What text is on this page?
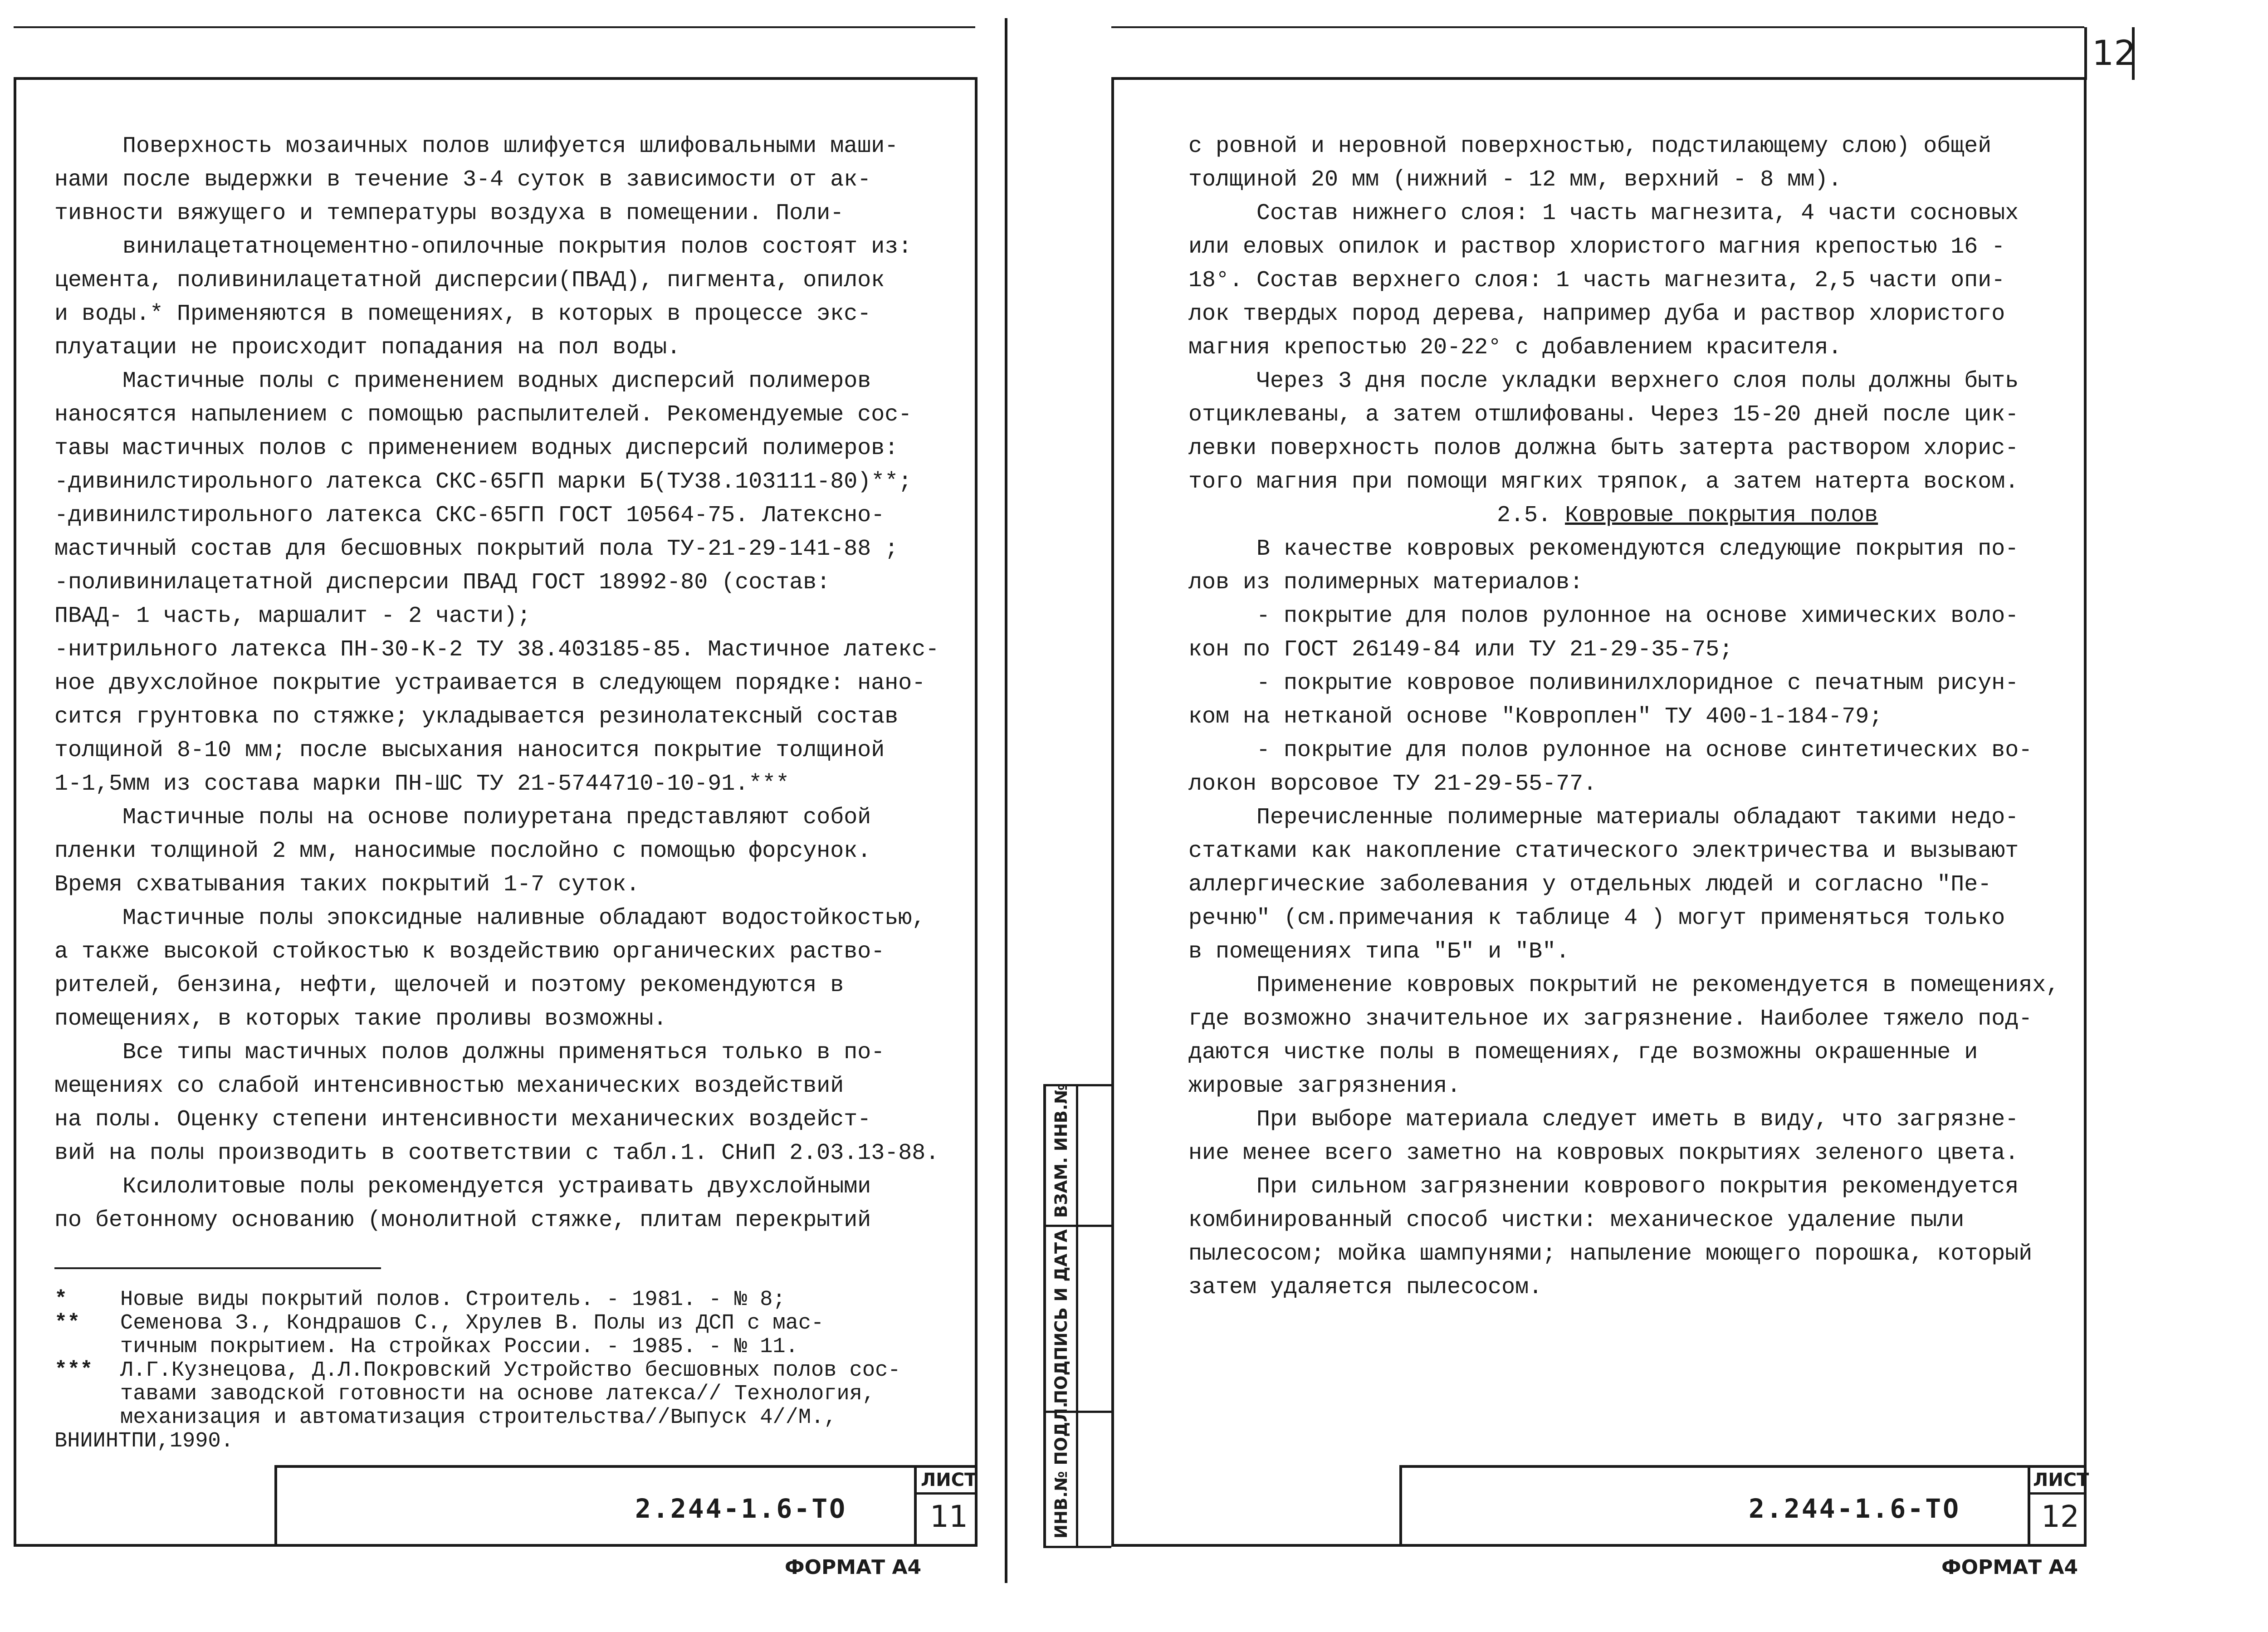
Поверхность мозаичных полов шлифуется шлифовальными маши-

нами после выдержки в течение 3-4 суток в зависимости от ак-

тивности вяжущего и температуры воздуха в помещении. Поли-

винилацетатноцементно-опилочные покрытия полов состоят из:

цемента, поливинилацетатной дисперсии(ПВАД), пигмента, опилок

и воды.* Применяются в помещениях, в которых в процессе экс-

плуатации не происходит попадания на пол воды.

Мастичные полы с применением водных дисперсий полимеров

наносятся напылением с помощью распылителей. Рекомендуемые сос-

тавы мастичных полов с применением водных дисперсий полимеров:

-дивинилстирольного латекса СКС-65ГП марки Б(ТУ38.103111-80)**;

-дивинилстирольного латекса СКС-65ГП ГОСТ 10564-75. Латексно-

мастичный состав для бесшовных покрытий пола ТУ-21-29-141-88 ;

-поливинилацетатной дисперсии ПВАД ГОСТ 18992-80 (состав:

ПВАД- 1 часть, маршалит - 2 части);

-нитрильного латекса ПН-30-К-2 ТУ 38.403185-85. Мастичное латекс-

ное двухслойное покрытие устраивается в следующем порядке: нано-

сится грунтовка по стяжке; укладывается резинолатексный состав

толщиной 8-10 мм; после высыхания наносится покрытие толщиной

1-1,5мм из состава марки ПН-ШС ТУ 21-5744710-10-91.***

Мастичные полы на основе полиуретана представляют собой

пленки толщиной 2 мм, наносимые послойно с помощью форсунок.

Время схватывания таких покрытий 1-7 суток.

Мастичные полы эпоксидные наливные обладают водостойкостью,

а также высокой стойкостью к воздействию органических раство-

рителей, бензина, нефти, щелочей и поэтому рекомендуются в

помещениях, в которых такие проливы возможны.

Все типы мастичных полов должны применяться только в по-

мещениях со слабой интенсивностью механических воздействий

на полы. Оценку степени интенсивности механических воздейст-

вий на полы производить в соответствии с табл.1. СНиП 2.03.13-88.

Ксилолитовые полы рекомендуется устраивать двухслойными

по бетонному основанию (монолитной стяжке, плитам перекрытий

* Новые виды покрытий полов. Строитель. - 1981. - № 8;

** Семенова З., Кондрашов С., Хрулев В. Полы из ДСП с мас-

тичным покрытием. На стройках России. - 1985. - № 11.

*** Л.Г.Кузнецова, Д.Л.Покровский Устройство бесшовных полов сос-

тавами заводской готовности на основе латекса// Технология,

механизация и автоматизация строительства//Выпуск 4//М.,

ВНИИНТПИ,1990.

2.244-1.6-ТО
ЛИСТ
11
ФОРМАТ А4
12

с ровной и неровной поверхностью, подстилающему слою) общей

толщиной 20 мм (нижний - 12 мм, верхний - 8 мм).

Состав нижнего слоя: 1 часть магнезита, 4 части сосновых

или еловых опилок и раствор хлористого магния крепостью 16 -

18°. Состав верхнего слоя: 1 часть магнезита, 2,5 части опи-

лок твердых пород дерева, например дуба и раствор хлористого

магния крепостью 20-22° с добавлением красителя.

Через 3 дня после укладки верхнего слоя полы должны быть

отциклеваны, а затем отшлифованы. Через 15-20 дней после цик-

левки поверхность полов должна быть затерта раствором хлорис-

того магния при помощи мягких тряпок, а затем натерта воском.

2.5. Ковровые покрытия полов

В качестве ковровых рекомендуются следующие покрытия по-

лов из полимерных материалов:

- покрытие для полов рулонное на основе химических воло-

кон по ГОСТ 26149-84 или ТУ 21-29-35-75;

- покрытие ковровое поливинилхлоридное с печатным рисун-

ком на нетканой основе "Ковроплен" ТУ 400-1-184-79;

- покрытие для полов рулонное на основе синтетических во-

локон ворсовое ТУ 21-29-55-77.

Перечисленные полимерные материалы обладают такими недо-

статками как накопление статического электричества и вызывают

аллергические заболевания у отдельных людей и согласно "Пе-

речню" (см.примечания к таблице 4 ) могут применяться только

в помещениях типа "Б" и "В".

Применение ковровых покрытий не рекомендуется в помещениях,

где возможно значительное их загрязнение. Наиболее тяжело под-

даются чистке полы в помещениях, где возможны окрашенные и

жировые загрязнения.

При выборе материала следует иметь в виду, что загрязне-

ние менее всего заметно на ковровых покрытиях зеленого цвета.

При сильном загрязнении коврового покрытия рекомендуется

комбинированный способ чистки: механическое удаление пыли

пылесосом; мойка шампунями; напыление моющего порошка, который

затем удаляется пылесосом.

ИНВ.№ ПОДЛ.
ПОДПИСЬ И ДАТА
ВЗАМ. ИНВ.№
2.244-1.6-ТО
ЛИСТ
12
ФОРМАТ А4
